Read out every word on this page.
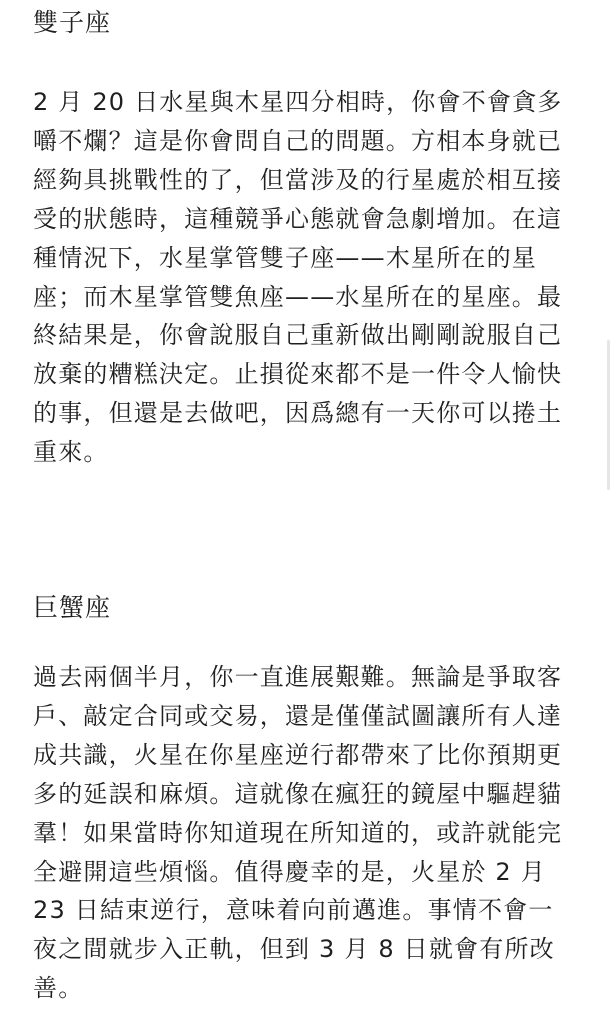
雙子座

2 月 20 日水星與木星四分相時，你會不會貪多
嚼不爛？這是你會問自己的問題。方相本身就已
經夠具挑戰性的了，但當涉及的行星處於相互接
受的狀態時，這種競爭心態就會急劇增加。在這
種情況下，水星掌管雙子座——木星所在的星
座；而木星掌管雙魚座——水星所在的星座。最
終結果是，你會說服自己重新做出剛剛說服自己
放棄的糟糕決定。止損從來都不是一件令人愉快
的事，但還是去做吧，因爲總有一天你可以捲土
重來。

巨蟹座

過去兩個半月，你一直進展艱難。無論是爭取客
戶、敲定合同或交易，還是僅僅試圖讓所有人達
成共識，火星在你星座逆行都帶來了比你預期更
多的延誤和麻煩。這就像在瘋狂的鏡屋中驅趕貓
羣！如果當時你知道現在所知道的，或許就能完
全避開這些煩惱。值得慶幸的是，火星於 2 月
23 日結束逆行，意味着向前邁進。事情不會一
夜之間就步入正軌，但到 3 月 8 日就會有所改
善。
